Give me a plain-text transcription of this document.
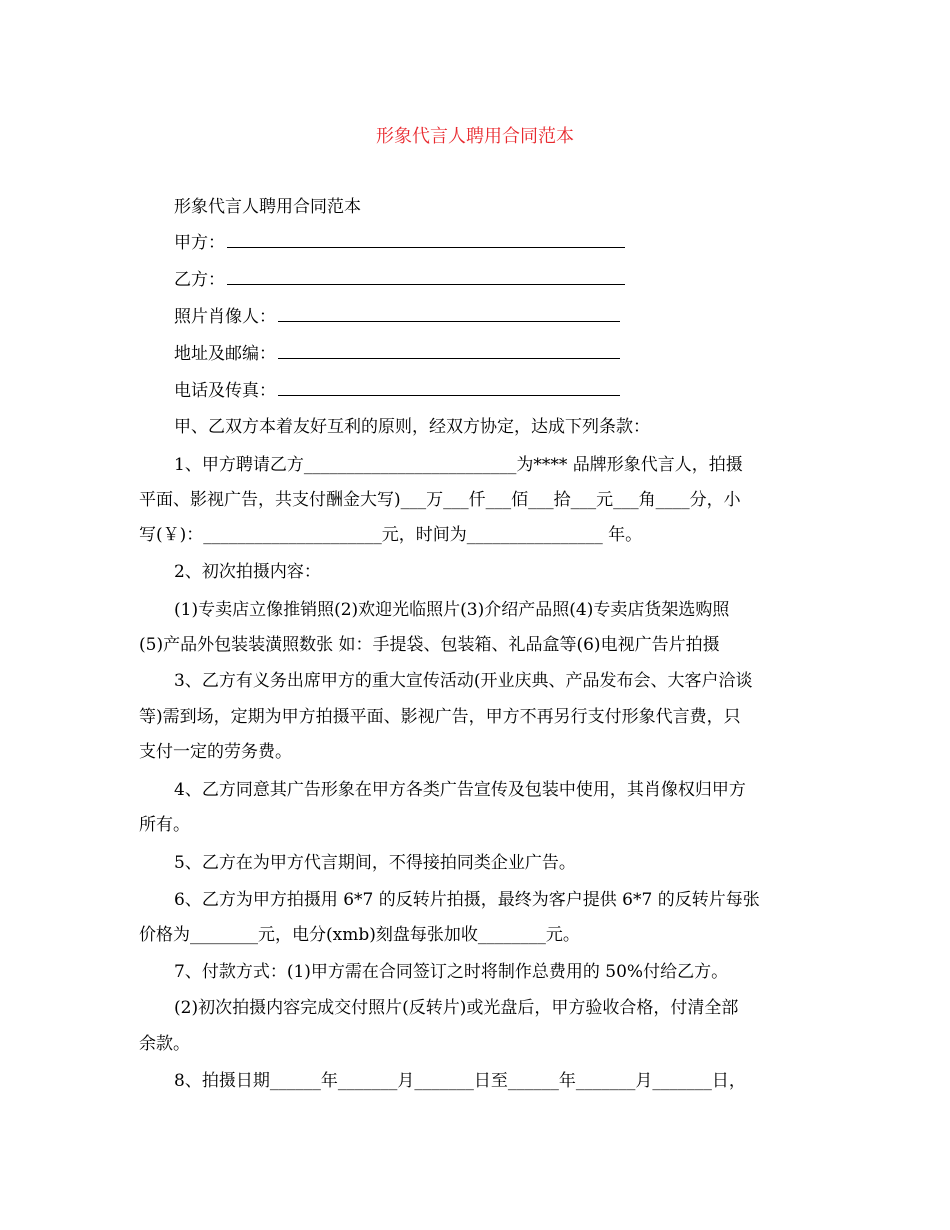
形象代言人聘用合同范本
形象代言人聘用合同范本
甲方：
乙方：
照片肖像人：
地址及邮编：
电话及传真：
甲、乙双方本着友好互利的原则，经双方协定，达成下列条款：
1、甲方聘请乙方_________________________为**** 品牌形象代言人，拍摄
平面、影视广告，共支付酬金大写)___万___仟___佰___拾___元___角____分，小
写(￥)：_____________________元，时间为________________ 年。
2、初次拍摄内容：
(1)专卖店立像推销照(2)欢迎光临照片(3)介绍产品照(4)专卖店货架选购照
(5)产品外包装装潢照数张 如：手提袋、包装箱、礼品盒等(6)电视广告片拍摄
3、乙方有义务出席甲方的重大宣传活动(开业庆典、产品发布会、大客户洽谈
等)需到场，定期为甲方拍摄平面、影视广告，甲方不再另行支付形象代言费，只
支付一定的劳务费。
4、乙方同意其广告形象在甲方各类广告宣传及包装中使用，其肖像权归甲方
所有。
5、乙方在为甲方代言期间，不得接拍同类企业广告。
6、乙方为甲方拍摄用 6*7 的反转片拍摄，最终为客户提供 6*7 的反转片每张
价格为________元，电分(xmb)刻盘每张加收________元。
7、付款方式：(1)甲方需在合同签订之时将制作总费用的 50%付给乙方。
(2)初次拍摄内容完成交付照片(反转片)或光盘后，甲方验收合格，付清全部
余款。
8、拍摄日期______年_______月_______日至______年_______月_______日，
